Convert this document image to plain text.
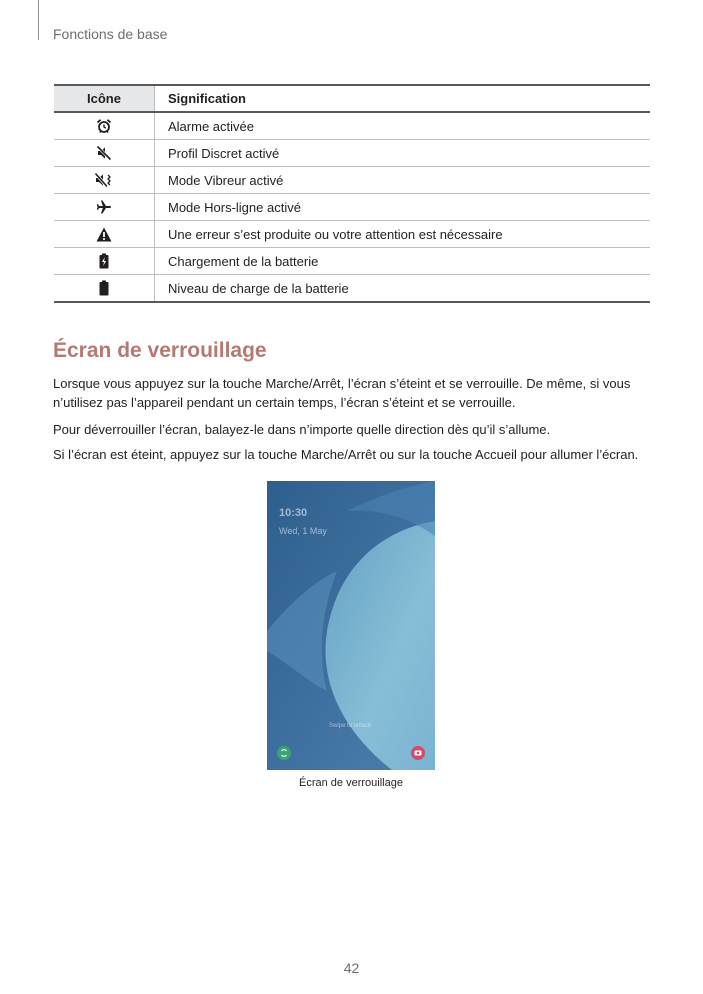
Fonctions de base
Icône	Signification
	Alarme activée
	Profil Discret activé
	Mode Vibreur activé
	Mode Hors-ligne activé
	Une erreur s’est produite ou votre attention est nécessaire
	Chargement de la batterie
	Niveau de charge de la batterie
Écran de verrouillage

Lorsque vous appuyez sur la touche Marche/Arrêt, l’écran s’éteint et se verrouille. De même, si vous n’utilisez pas l’appareil pendant un certain temps, l’écran s’éteint et se verrouille.

Pour déverrouiller l’écran, balayez-le dans n’importe quelle direction dès qu’il s’allume.

Si l’écran est éteint, appuyez sur la touche Marche/Arrêt ou sur la touche Accueil pour allumer l’écran.

10:30
Wed, 1 May
Swipe to unlock
Écran de verrouillage
42
